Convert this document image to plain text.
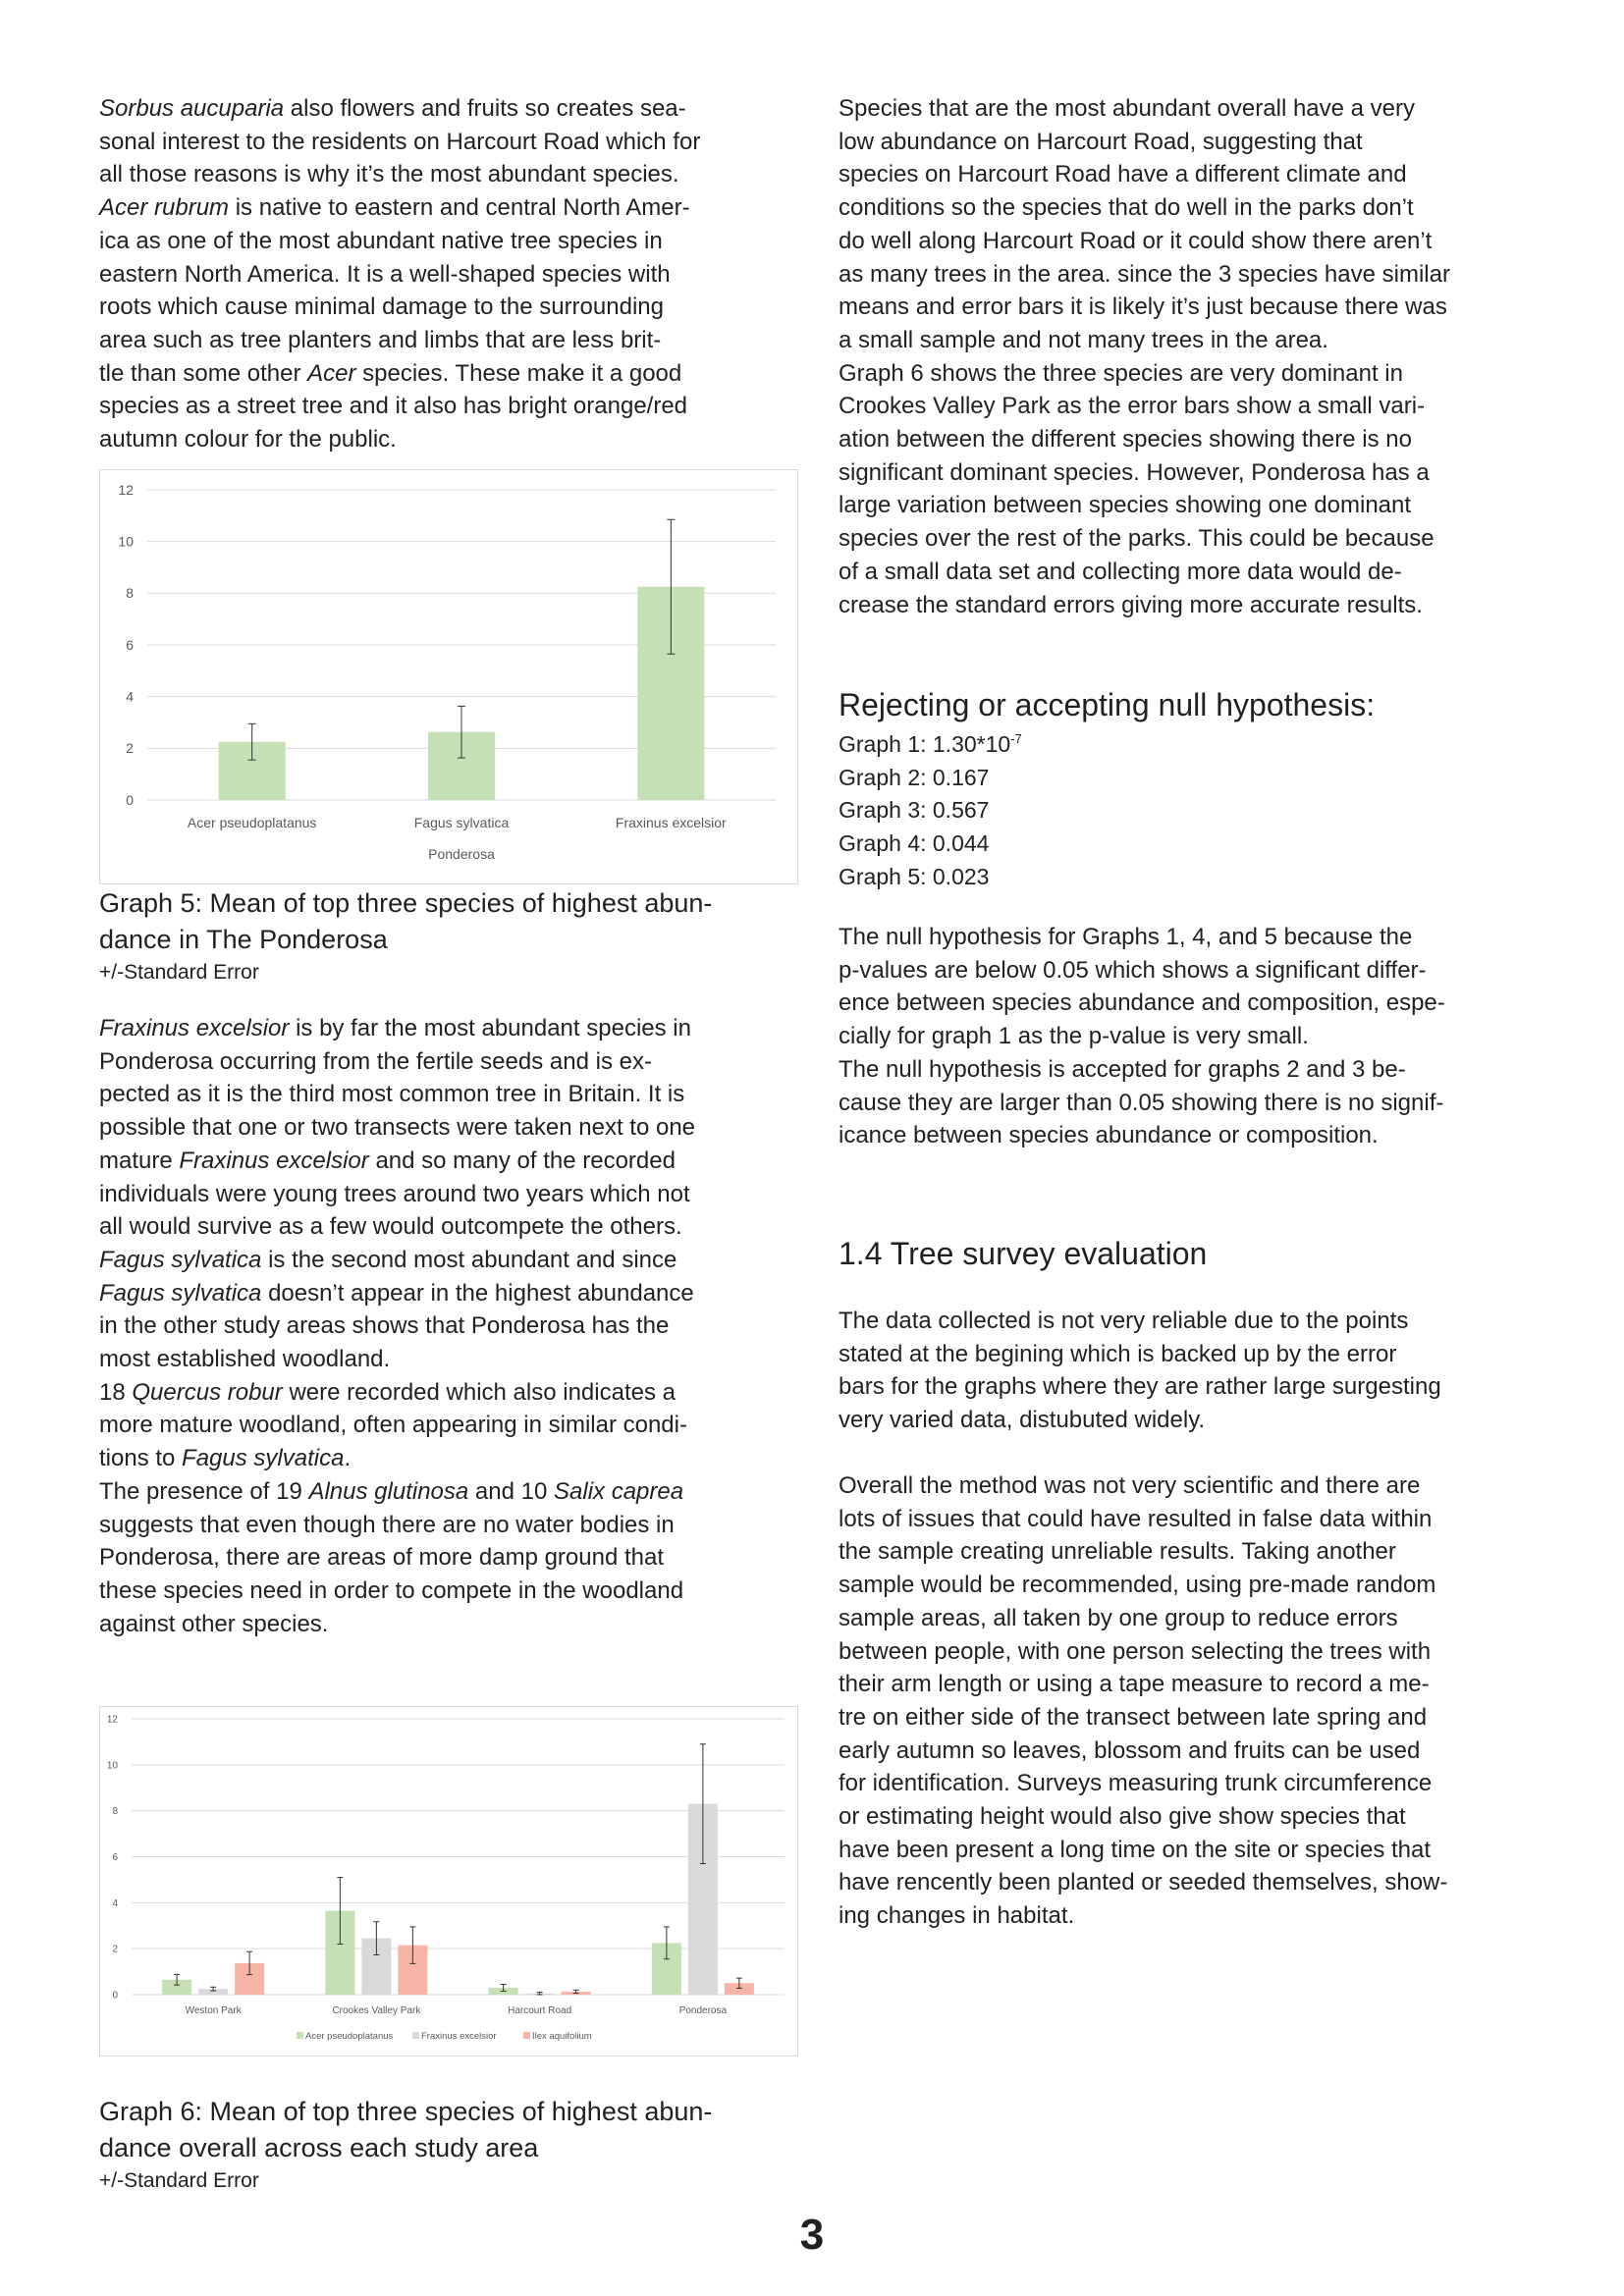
Sorbus aucuparia also flowers and fruits so creates sea-
sonal interest to the residents on Harcourt Road which for
all those reasons is why it’s the most abundant species.
Acer rubrum is native to eastern and central North Amer-
ica as one of the most abundant native tree species in
eastern North America. It is a well-shaped species with
roots which cause minimal damage to the surrounding
area such as tree planters and limbs that are less brit-
tle than some other Acer species. These make it a good
species as a street tree and it also has bright orange/red
autumn colour for the public.
0
2
4
6
8
10
12
Acer pseudoplatanus	Fagus sylvatica	Fraxinus excelsior
Ponderosa
Graph 5: Mean of top three species of highest abun-
dance in The Ponderosa
+/-Standard Error
Fraxinus excelsior is by far the most abundant species in
Ponderosa occurring from the fertile seeds and is ex-
pected as it is the third most common tree in Britain. It is
possible that one or two transects were taken next to one
mature Fraxinus excelsior and so many of the recorded
individuals were young trees around two years which not
all would survive as a few would outcompete the others.
Fagus sylvatica is the second most abundant and since
Fagus sylvatica doesn’t appear in the highest abundance
in the other study areas shows that Ponderosa has the
most established woodland.
18 Quercus robur were recorded which also indicates a
more mature woodland, often appearing in similar condi-
tions to Fagus sylvatica.
The presence of 19 Alnus glutinosa and 10 Salix caprea
suggests that even though there are no water bodies in
Ponderosa, there are areas of more damp ground that
these species need in order to compete in the woodland
against other species.
0
2
4
6
8
10
12
Weston Park	Crookes Valley Park	Harcourt Road	Ponderosa
Acer pseudoplatanus	Fraxinus excelsior	Ilex aquifolium
Graph 6: Mean of top three species of highest abun-
dance overall across each study area
+/-Standard Error
Species that are the most abundant overall have a very
low abundance on Harcourt Road, suggesting that
species on Harcourt Road have a different climate and
conditions so the species that do well in the parks don’t
do well along Harcourt Road or it could show there aren’t
as many trees in the area. since the 3 species have similar
means and error bars it is likely it’s just because there was
a small sample and not many trees in the area.
Graph 6 shows the three species are very dominant in
Crookes Valley Park as the error bars show a small vari-
ation between the different species showing there is no
significant dominant species. However, Ponderosa has a
large variation between species showing one dominant
species over the rest of the parks. This could be because
of a small data set and collecting more data would de-
crease the standard errors giving more accurate results.
Rejecting or accepting null hypothesis:
Graph 1: $1.30*10^{-7}$
Graph 2: 0.167
Graph 3: 0.567
Graph 4: 0.044
Graph 5: 0.023
The null hypothesis for Graphs 1, 4, and 5 because the
p-values are below 0.05 which shows a significant differ-
ence between species abundance and composition, espe-
cially for graph 1 as the p-value is very small.
The null hypothesis is accepted for graphs 2 and 3 be-
cause they are larger than 0.05 showing there is no signif-
icance between species abundance or composition.
1.4 Tree survey evaluation
The data collected is not very reliable due to the points
stated at the begining which is backed up by the error
bars for the graphs where they are rather large surgesting
very varied data, distubuted widely.
Overall the method was not very scientific and there are
lots of issues that could have resulted in false data within
the sample creating unreliable results. Taking another
sample would be recommended, using pre-made random
sample areas, all taken by one group to reduce errors
between people, with one person selecting the trees with
their arm length or using a tape measure to record a me-
tre on either side of the transect between late spring and
early autumn so leaves, blossom and fruits can be used
for identification. Surveys measuring trunk circumference
or estimating height would also give show species that
have been present a long time on the site or species that
have rencently been planted or seeded themselves, show-
ing changes in habitat.
3
